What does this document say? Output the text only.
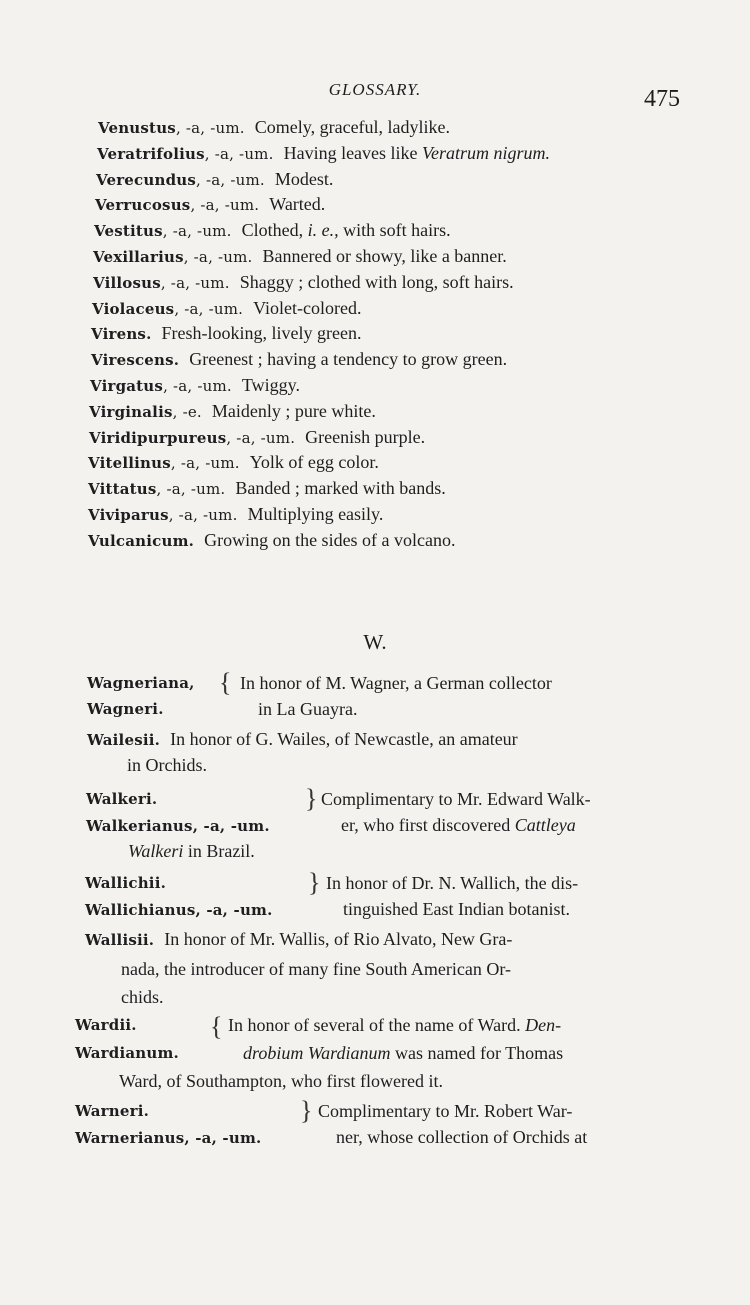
GLOSSARY.	475
Venustus, -a, -um. Comely, graceful, ladylike.
Veratrifolius, -a, -um. Having leaves like Veratrum nigrum.
Verecundus, -a, -um. Modest.
Verrucosus, -a, -um. Warted.
Vestitus, -a, -um. Clothed, i. e., with soft hairs.
Vexillarius, -a, -um. Bannered or showy, like a banner.
Villosus, -a, -um. Shaggy ; clothed with long, soft hairs.
Violaceus, -a, -um. Violet-colored.
Virens. Fresh-looking, lively green.
Virescens. Greenest ; having a tendency to grow green.
Virgatus, -a, -um. Twiggy.
Virginalis, -e. Maidenly ; pure white.
Viridipurpureus, -a, -um. Greenish purple.
Vitellinus, -a, -um. Yolk of egg color.
Vittatus, -a, -um. Banded ; marked with bands.
Viviparus, -a, -um. Multiplying easily.
Vulcanicum. Growing on the sides of a volcano.
W.
Wagneriana,
Wagneri.
{ In honor of M. Wagner, a German collector
in La Guayra.
Wailesii. In honor of G. Wailes, of Newcastle, an amateur
in Orchids.
Walkeri.
Walkerianus, -a, -um.
} Complimentary to Mr. Edward Walk-
er, who first discovered Cattleya
Walkeri in Brazil.
Wallichii.
Wallichianus, -a, -um.
} In honor of Dr. N. Wallich, the dis-
tinguished East Indian botanist.
Wallisii. In honor of Mr. Wallis, of Rio Alvato, New Gra-
nada, the introducer of many fine South American Or-
chids.
Wardii.
Wardianum.
{ In honor of several of the name of Ward. Den-
drobium Wardianum was named for Thomas
Ward, of Southampton, who first flowered it.
Warneri.
Warnerianus, -a, -um.
} Complimentary to Mr. Robert War-
ner, whose collection of Orchids at
